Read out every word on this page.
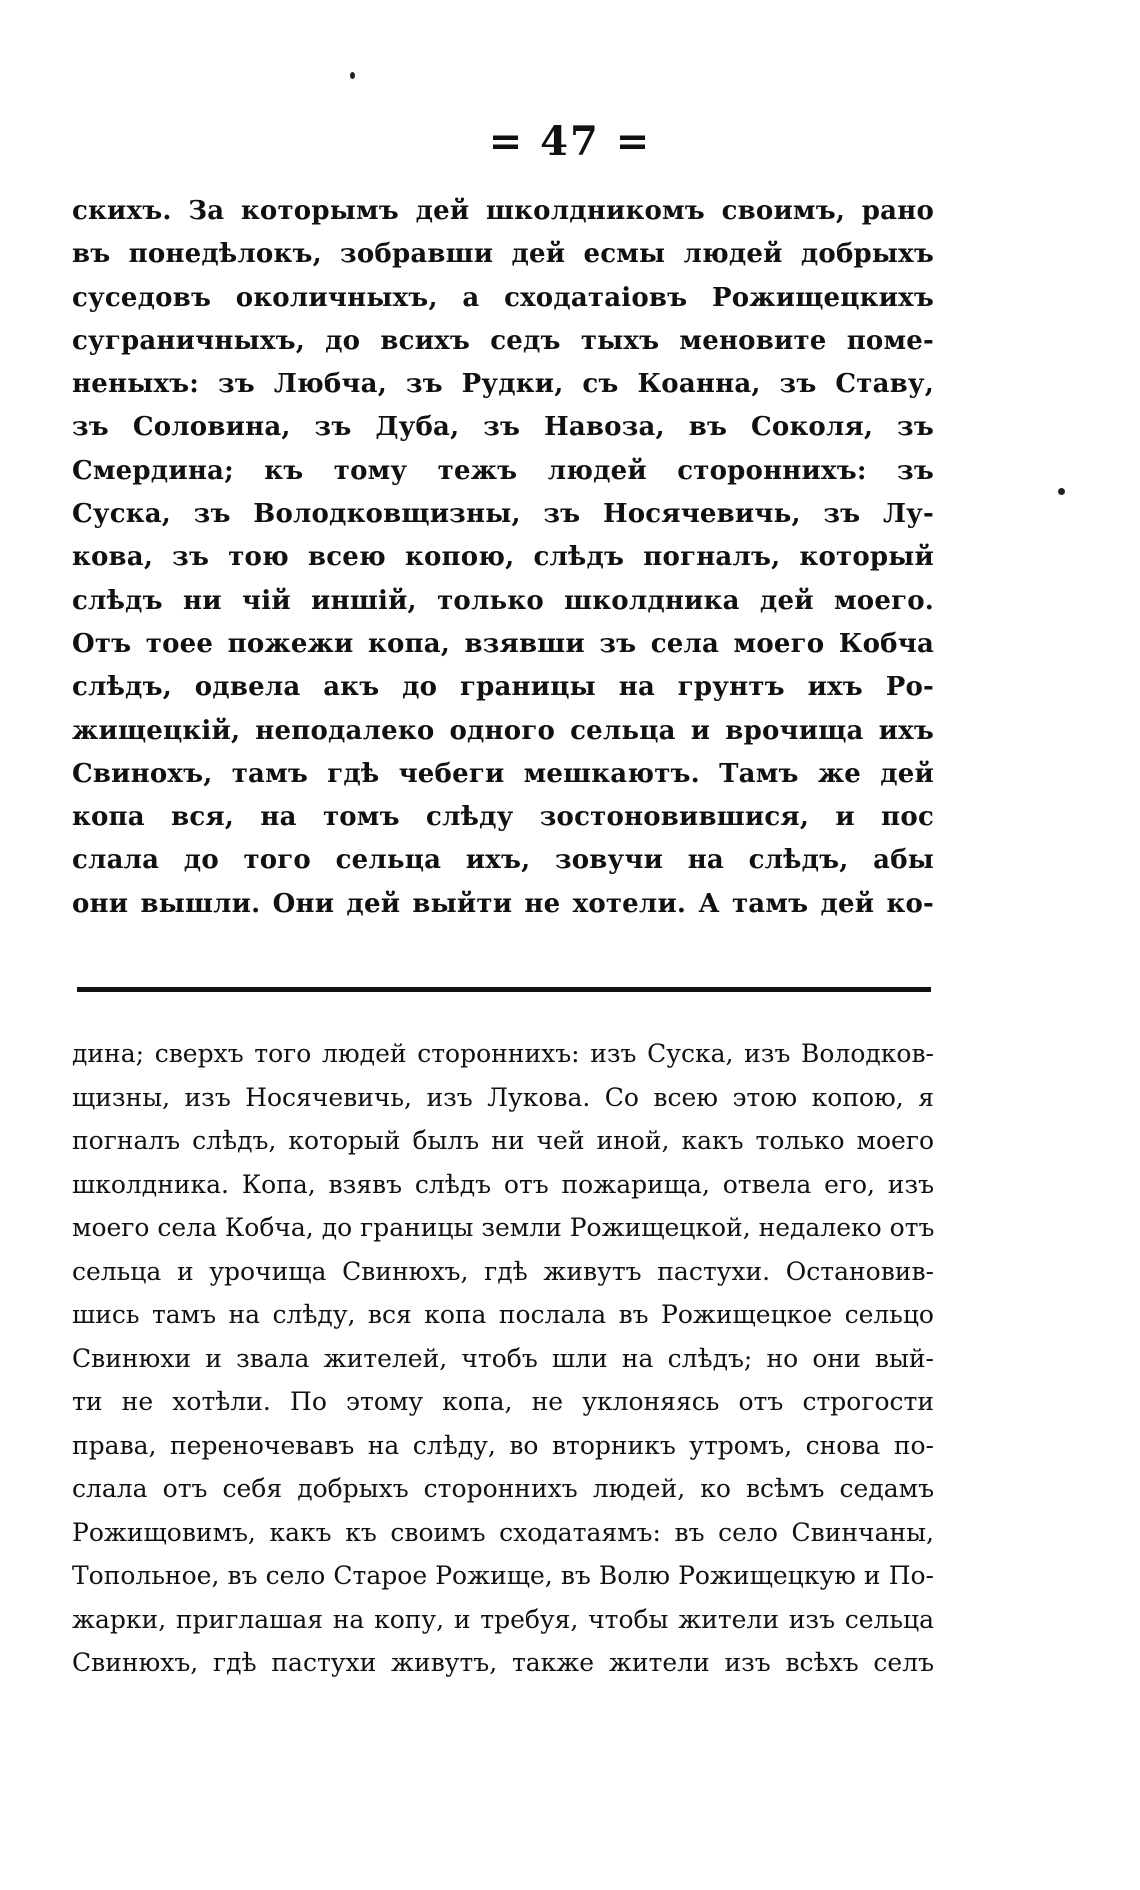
= 47 =
скихъ. За которымъ дей школдникомъ своимъ, рано
въ понедѣлокъ, зобравши дей есмы людей добрыхъ
суседовъ околичныхъ, а сходатаіовъ Рожищецкихъ
суграничныхъ, до всихъ седъ тыхъ меновите поме-
неныхъ: зъ Любча, зъ Рудки, съ Коанна, зъ Ставу,
зъ Соловина, зъ Дуба, зъ Навоза, въ Соколя, зъ
Смердина; къ тому тежъ людей стороннихъ: зъ
Суска, зъ Володковщизны, зъ Носячевичь, зъ Лу-
кова, зъ тою всею копою, слѣдъ погналъ, который
слѣдъ ни чій иншій, только школдника дей моего.
Отъ тоее пожежи копа, взявши зъ села моего Кобча
слѣдъ, одвела акъ до границы на грунтъ ихъ Ро-
жищецкій, неподалеко одного сельца и врочища ихъ
Свинохъ, тамъ гдѣ чебеги мешкаютъ. Тамъ же дей
копа вся, на томъ слѣду зостоновившися, и пос
слала до того сельца ихъ, зовучи на слѣдъ, абы
они вышли. Они дей выйти не хотели. А тамъ дей ко-
дина; сверхъ того людей стороннихъ: изъ Суска, изъ Володков-
щизны, изъ Носячевичь, изъ Лукова. Со всею этою копою, я
погналъ слѣдъ, который былъ ни чей иной, какъ только моего
школдника. Копа, взявъ слѣдъ отъ пожарища, отвела его, изъ
моего села Кобча, до границы земли Рожищецкой, недалеко отъ
сельца и урочища Свинюхъ, гдѣ живутъ пастухи. Остановив-
шись тамъ на слѣду, вся копа послала въ Рожищецкое сельцо
Свинюхи и звала жителей, чтобъ шли на слѣдъ; но они вый-
ти не хотѣли. По этому копа, не уклоняясь отъ строгости
права, переночевавъ на слѣду, во вторникъ утромъ, снова по-
слала отъ себя добрыхъ стороннихъ людей, ко всѣмъ седамъ
Рожищовимъ, какъ къ своимъ сходатаямъ: въ село Свинчаны,
Топольное, въ село Старое Рожище, въ Волю Рожищецкую и По-
жарки, приглашая на копу, и требуя, чтобы жители изъ сельца
Свинюхъ, гдѣ пастухи живутъ, также жители изъ всѣхъ селъ
